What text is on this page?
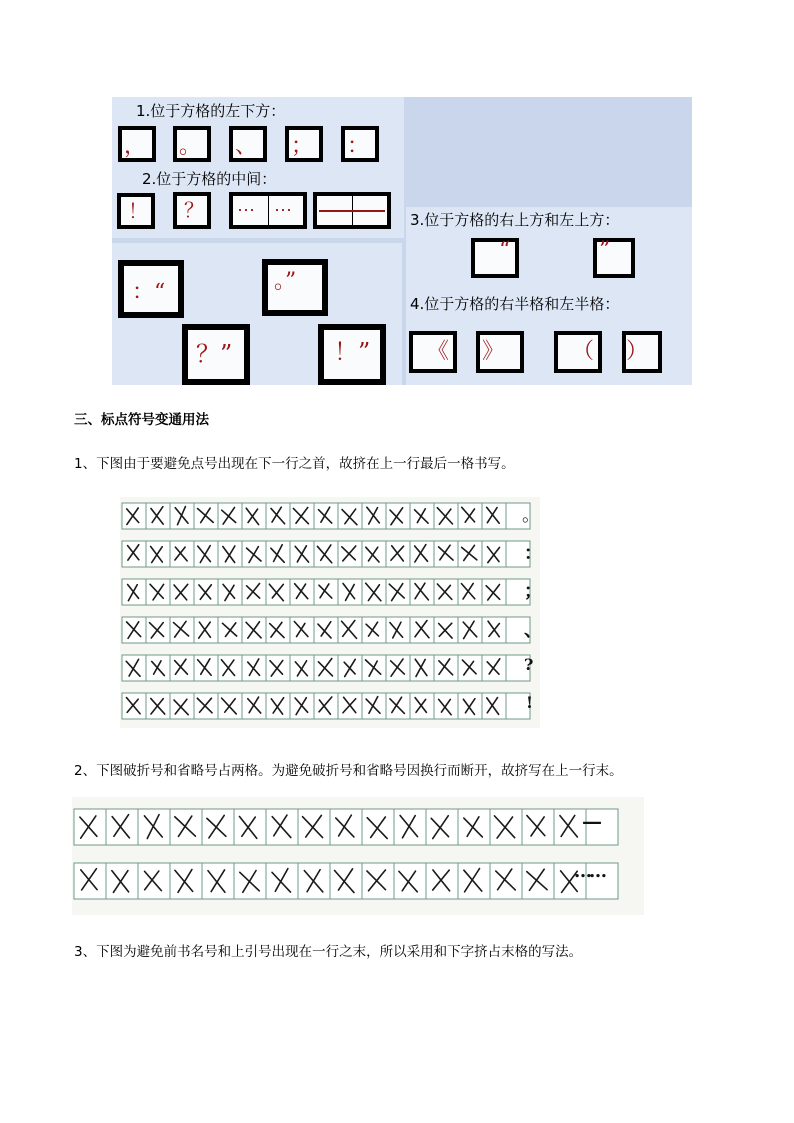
1.位于方格的左下方：
2.位于方格的中间：
3.位于方格的右上方和左上方：
4.位于方格的右半格和左半格：
， 。 、 ； ：
！ ？ ⋯ ⋯
：“	。”
？”	！”
“	”
《 》	（ ）
三、标点符号变通用法
1、下图由于要避免点号出现在下一行之首，故挤在上一行最后一格书写。
。
：
；
、
?
!
2、下图破折号和省略号占两格。为避免破折号和省略号因换行而断开，故挤写在上一行末。
—
……
3、下图为避免前书名号和上引号出现在一行之末，所以采用和下字挤占末格的写法。
